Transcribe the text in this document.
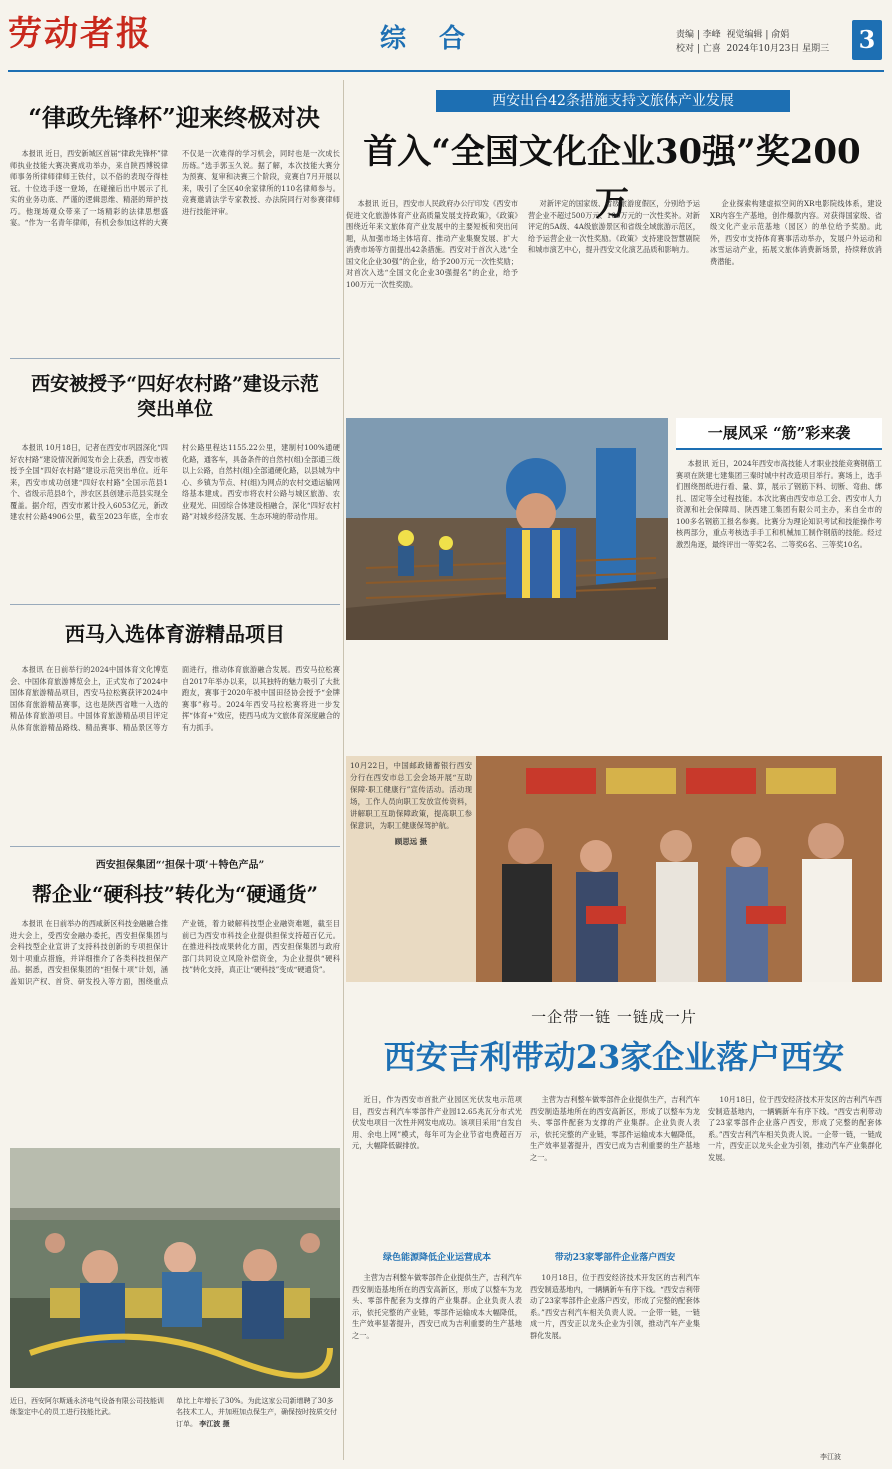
劳动者报	综 合	责编 | 李峰 视觉编辑 | 俞娟
校对 | 亡喜 2024年10月23日 星期三 3
“律政先锋杯”迎来终极对决

本报讯 近日，西安新城区首届“律政先锋杯”律师执业技能大赛决赛成功举办，来自陕西博锐律师事务所律师律师王铁付，以不俗的表现夺得桂冠。十位选手逐一登场，在碰撞后出中展示了扎实的业务功底、严谨的逻辑思维、精湛的辩护技巧。他现场观众带来了一场精彩的法律思想盛宴。“作为一名青年律师，有机会参加这样的大赛不仅是一次难得的学习机会，同时也是一次成长历练。”选手郭玉久说。据了解，本次技能大赛分为预赛、复审和决赛三个阶段，竞赛自7月开展以来，吸引了全区40余家律所的110名律师参与。竞赛邀请法学专家教授、办法院同行对参赛律师进行技能评审。

西安被授予“四好农村路”建设示范突出单位

本报讯 10月18日，记者在西安市巩固深化“四好农村路”建设情况新闻发布会上获悉，西安市被授予全国“四好农村路”建设示范突出单位。近年来，西安市成功创建“四好农村路”全国示范县1个、省级示范县8个，涉农区县创建示范县实现全覆盖。据介绍，西安市累计投入6053亿元，新改建农村公路4906公里，截至2023年底，全市农村公路里程达1155.22公里，建制村100%通硬化路，通客车，具备条件的自然村(组)全部通三级以上公路，自然村(组)全部通硬化路，以县城为中心、乡镇为节点、村(组)为网点的农村交通运输网络基本建成。西安市将农村公路与城区旅游、农业观光、田园综合体建设相融合，深化“四好农村路”对城乡经济发展、生态环境的带动作用。

西马入选体育游精品项目

本报讯 在日前举行的2024中国体育文化博览会、中国体育旅游博览会上，正式发布了2024中国体育旅游精品项目，西安马拉松赛获评2024中国体育旅游精品赛事，这也是陕西省唯一入选的精品体育旅游项目。中国体育旅游精品项目评定从体育旅游精品路线、精品赛事、精品景区等方面进行，推动体育旅游融合发展。西安马拉松赛自2017年举办以来，以其独特的魅力吸引了大批跑友，赛事于2020年被中国田径协会授予“金牌赛事”称号。2024年西安马拉松赛将进一步发挥“体育+”效应，使西马成为文旅体育深度融合的有力抓手。

西安担保集团“‘担保十项’＋特色产品”
帮企业“硬科技”转化为“硬通货”

本报讯 在日前举办的西咸新区科技金融融合推进大会上，受西安金融办委托，西安担保集团与会科技型企业宣讲了支持科技创新的专项担保计划十项重点措施，并详细推介了各类科技担保产品。据悉，西安担保集团的“担保十项”计划，涵盖知识产权、首贷、研发投入等方面，围绕重点产业链，着力破解科技型企业融资难题，截至目前已为西安市科技企业提供担保支持超百亿元。在推进科技成果转化方面，西安担保集团与政府部门共同设立风险补偿资金，为企业提供“硬科技”转化支持，真正让“硬科技”变成“硬通货”。

近日，西安阿尔斯通永济电气设备有限公司技能训练鉴定中心的员工进行技能比武。
单比上年增长了30%。为此这家公司新增聘了30多名技术工人，并加班加点保生产，确保按时按质交付订单。 李江波 摄
西安出台42条措施支持文旅体产业发展
首入“全国文化企业30强”奖200万

本报讯 近日，西安市人民政府办公厅印发《西安市促进文化旅游体育产业高质量发展支持政策》，《政策》围绕近年来文旅体育产业发展中的主要短板和突出问题，从加强市场主体培育、推动产业集聚发展、扩大消费市场等方面提出42条措施。西安对于首次入选“全国文化企业30强”的企业，给予200万元一次性奖励；对首次入选“全国文化企业30强提名”的企业，给予100万元一次性奖励。

对新评定的国家级、省级旅游度假区，分别给予运营企业不超过500万元、100万元的一次性奖补。对新评定的5A级、4A级旅游景区和省级全域旅游示范区，给予运营企业一次性奖励。《政策》支持建设智慧剧院和城市演艺中心，提升西安文化演艺品质和影响力。

企业探索构建虚拟空间的XR电影院线体系，建设XR内容生产基地，创作爆款内容。对获得国家级、省级文化产业示范基地（园区）的单位给予奖励。此外，西安市支持体育赛事活动举办，发展户外运动和冰雪运动产业，拓展文旅体消费新场景，持续释放消费潜能。

一展风采 “筋”彩来袭

本报讯 近日，2024年西安市高技能人才职业技能竞赛钢筋工赛项在陕建七建集团三秦时城中村改造项目举行。赛场上，选手们围绕图纸进行看、量、算，展示了钢筋下料、切断、弯曲、绑扎、固定等全过程技能。本次比赛由西安市总工会、西安市人力资源和社会保障局、陕西建工集团有限公司主办，来自全市的100多名钢筋工报名参赛。比赛分为理论知识考试和技能操作考核两部分，重点考核选手手工和机械加工制作钢筋的技能。经过激烈角逐，最终评出一等奖2名、二等奖6名、三等奖10名。

10月22日，中国邮政储蓄银行西安分行在西安市总工会会场开展“互助保障·职工健康行”宣传活动。活动现场，工作人员向职工发放宣传资料，讲解职工互助保障政策，提高职工参保意识，为职工健康保驾护航。

顾思远 摄
一企带一链 一链成一片
西安吉利带动23家企业落户西安

近日，作为西安市首批产业园区光伏发电示范项目，西安吉利汽车零部件产业园12.65兆瓦分布式光伏发电项目一次性并网发电成功。该项目采用“自发自用、余电上网”模式，每年可为企业节省电费超百万元，大幅降低碳排放。

绿色能源降低企业运营成本

主营为吉利整车做零部件企业提供生产，吉利汽车西安制造基地所在的西安高新区，形成了以整车为龙头、零部件配套为支撑的产业集群。企业负责人表示，依托完整的产业链，零部件运输成本大幅降低，生产效率显著提升，西安已成为吉利重要的生产基地之一。

主营为吉利整车做零部件企业提供生产，吉利汽车西安制造基地所在的西安高新区，形成了以整车为龙头、零部件配套为支撑的产业集群。企业负责人表示，依托完整的产业链，零部件运输成本大幅降低，生产效率显著提升，西安已成为吉利重要的生产基地之一。

带动23家零部件企业落户西安

10月18日，位于西安经济技术开发区的吉利汽车西安制造基地内，一辆辆新车有序下线。“西安吉利带动了23家零部件企业落户西安，形成了完整的配套体系。”西安吉利汽车相关负责人说。一企带一链，一链成一片，西安正以龙头企业为引领，推动汽车产业集群化发展。

10月18日，位于西安经济技术开发区的吉利汽车西安制造基地内，一辆辆新车有序下线。“西安吉利带动了23家零部件企业落户西安，形成了完整的配套体系。”西安吉利汽车相关负责人说。一企带一链，一链成一片，西安正以龙头企业为引领，推动汽车产业集群化发展。

李江波
